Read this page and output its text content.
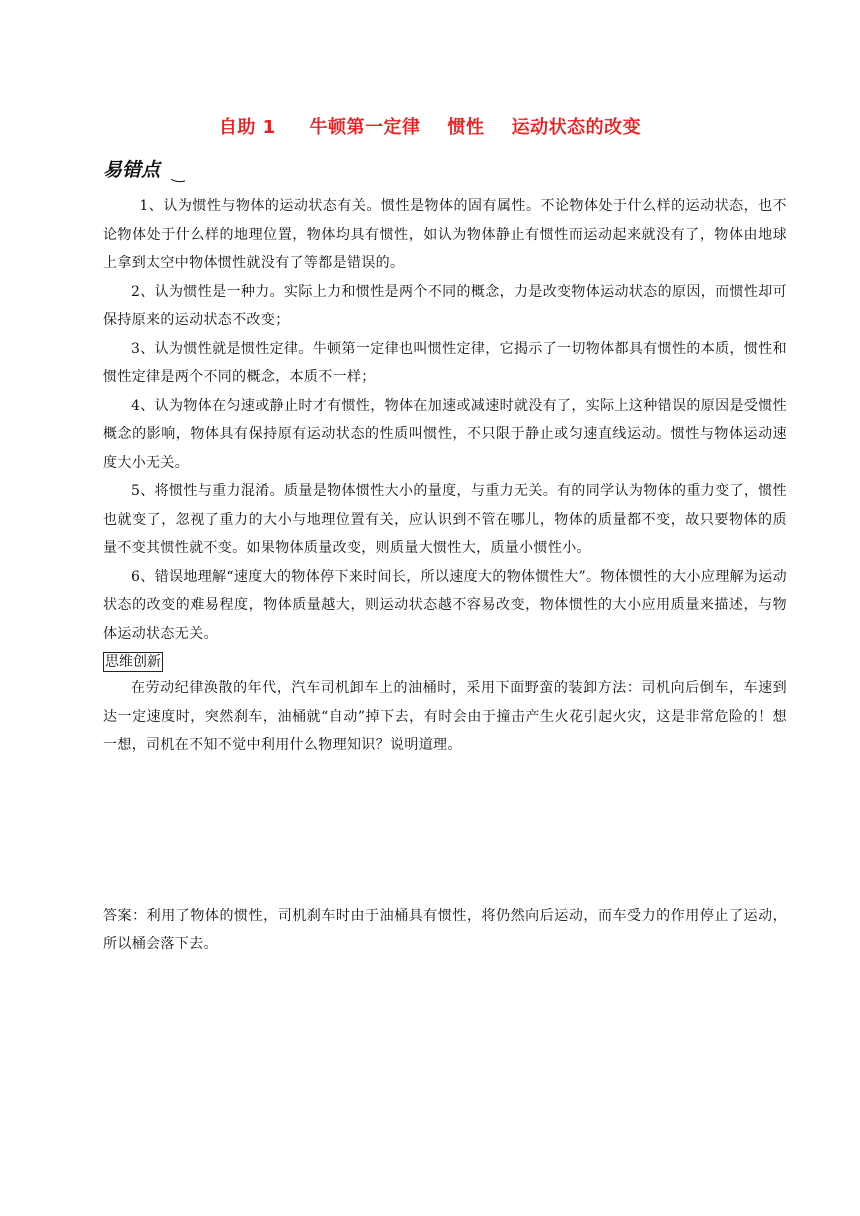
自助 1     牛顿第一定律    惯性    运动状态的改变
易错点

1、认为惯性与物体的运动状态有关。惯性是物体的固有属性。不论物体处于什么样的运动状态，也不论物体处于什么样的地理位置，物体均具有惯性，如认为物体静止有惯性而运动起来就没有了，物体由地球上拿到太空中物体惯性就没有了等都是错误的。

2、认为惯性是一种力。实际上力和惯性是两个不同的概念，力是改变物体运动状态的原因，而惯性却可保持原来的运动状态不改变；

3、认为惯性就是惯性定律。牛顿第一定律也叫惯性定律，它揭示了一切物体都具有惯性的本质，惯性和惯性定律是两个不同的概念，本质不一样；

4、认为物体在匀速或静止时才有惯性，物体在加速或减速时就没有了，实际上这种错误的原因是受惯性概念的影响，物体具有保持原有运动状态的性质叫惯性，不只限于静止或匀速直线运动。惯性与物体运动速度大小无关。

5、将惯性与重力混淆。质量是物体惯性大小的量度，与重力无关。有的同学认为物体的重力变了，惯性也就变了，忽视了重力的大小与地理位置有关，应认识到不管在哪儿，物体的质量都不变，故只要物体的质量不变其惯性就不变。如果物体质量改变，则质量大惯性大，质量小惯性小。

6、错误地理解“速度大的物体停下来时间长，所以速度大的物体惯性大”。物体惯性的大小应理解为运动状态的改变的难易程度，物体质量越大，则运动状态越不容易改变，物体惯性的大小应用质量来描述，与物体运动状态无关。

思维创新

在劳动纪律涣散的年代，汽车司机卸车上的油桶时，采用下面野蛮的装卸方法：司机向后倒车，车速到达一定速度时，突然刹车，油桶就“自动”掉下去，有时会由于撞击产生火花引起火灾，这是非常危险的！想一想，司机在不知不觉中利用什么物理知识？说明道理。

答案：利用了物体的惯性，司机刹车时由于油桶具有惯性，将仍然向后运动，而车受力的作用停止了运动，所以桶会落下去。
